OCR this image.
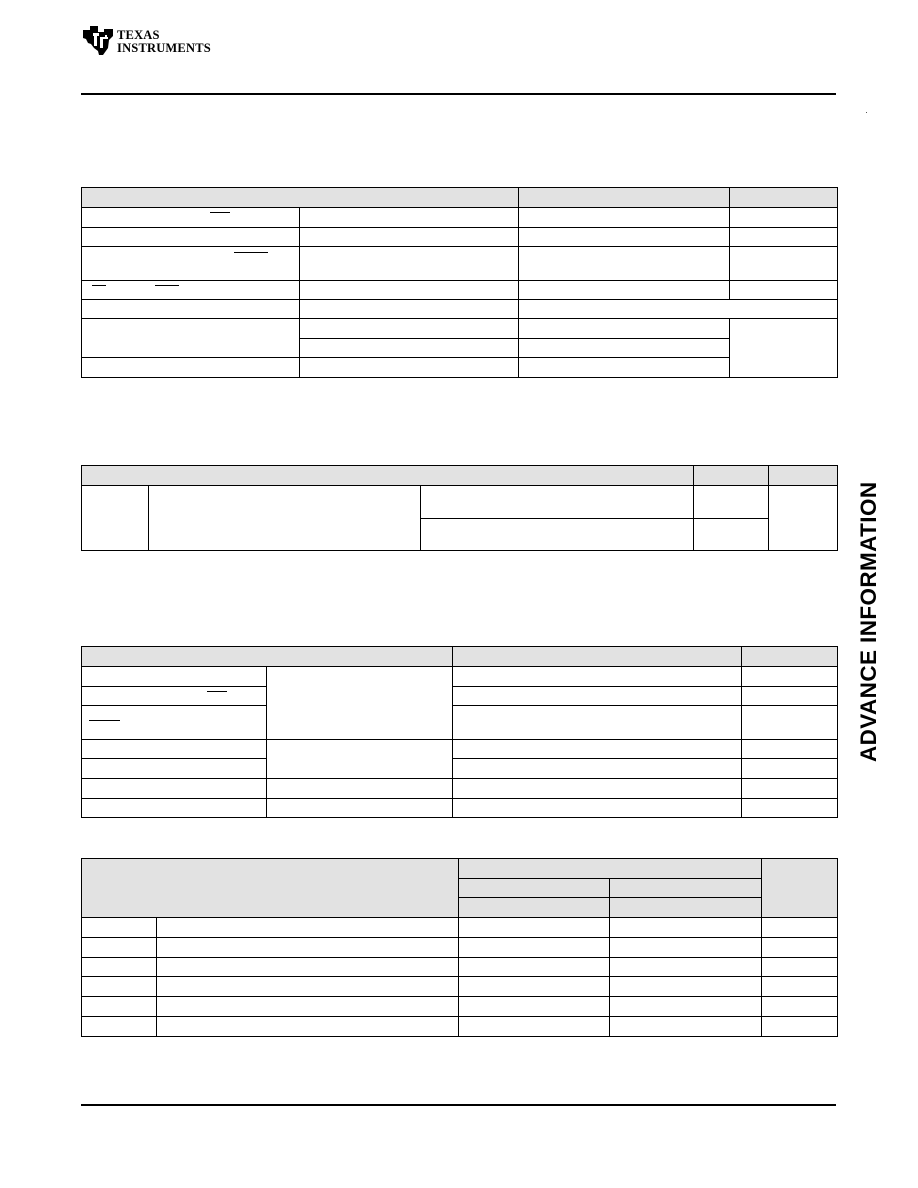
TEXAS
INSTRUMENTS
ADVANCE INFORMATION
